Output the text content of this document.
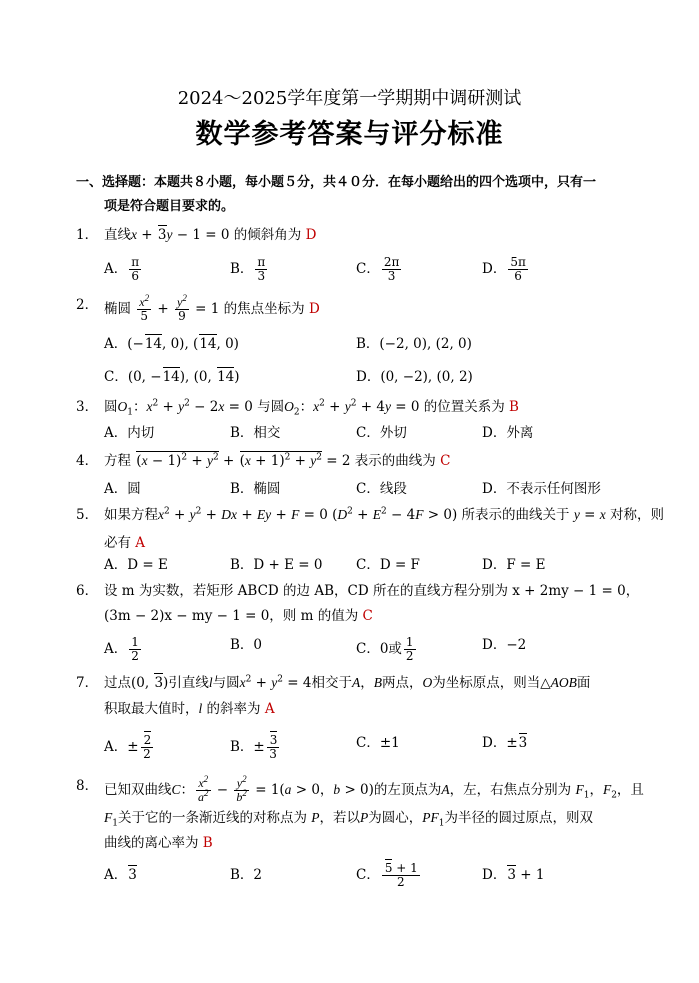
2024～2025学年度第一学期期中调研测试
数学参考答案与评分标准
一、选择题：本题共８小题，每小题５分，共４０分．在每小题给出的四个选项中，只有一
项是符合题目要求的。
1． 直线x + 3y − 1 = 0 的倾斜角为 D
A． $\frac{\pi}{6}$	B． $\frac{\pi}{3}$	C． $\frac{2\pi}{3}$	D． $\frac{5\pi}{6}$
2． 椭圆 $\frac{x^2}{5} + \frac{y^2}{9} = 1$ 的焦点坐标为 D
A．(−14, 0), (14, 0)	B．(−2, 0), (2, 0)
C．(0, −14), (0, 14)	D．(0, −2), (0, 2)
3． 圆$O_1$：$x^2 + y^2 - 2x = 0$ 与圆$O_2$：$x^2 + y^2 + 4y = 0$ 的位置关系为 B
A．内切	B．相交	C．外切	D．外离
4． 方程 $(x - 1)^2 + y^2 + (x + 1)^2 + y^2 = 2$ 表示的曲线为 C
A．圆	B．椭圆	C．线段	D．不表示任何图形
5． 如果方程$x^2 + y^2 + Dx + Ey + F = 0$ $(D^2 + E^2 - 4F > 0)$ 所表示的曲线关于 y = x 对称，则
必有 A
A．D = E	B．D + E = 0 C．D = F	D．F = E
6． 设 m 为实数，若矩形 ABCD 的边 AB，CD 所在的直线方程分别为 x + 2my − 1 = 0，
(3m − 2)x − my − 1 = 0，则 m 的值为 C
A． $\frac{1}{2}$	B．0	C．0或 $\frac{1}{2}$	D．−2
7． 过点(0, 3)引直线l与圆$x^2 + y^2 = 4$相交于A，B两点，O为坐标原点，则当△AOB面
积取最大值时，l 的斜率为 A
A．± $\frac{2}{2}$	B．± $\frac{3}{3}$	C．±1	D．±3
8． 已知双曲线C： $\frac{x^2}{a^2} - \frac{y^2}{b^2} = 1(a > 0$，b > 0)的左顶点为A，左，右焦点分别为 $F_1$，$F_2$，且
$F_1$关于它的一条渐近线的对称点为 P，若以P为圆心，$PF_1$为半径的圆过原点，则双
曲线的离心率为 B
A．3	B．2	C． $\frac{5 + 1}{2}$	D．3 + 1
